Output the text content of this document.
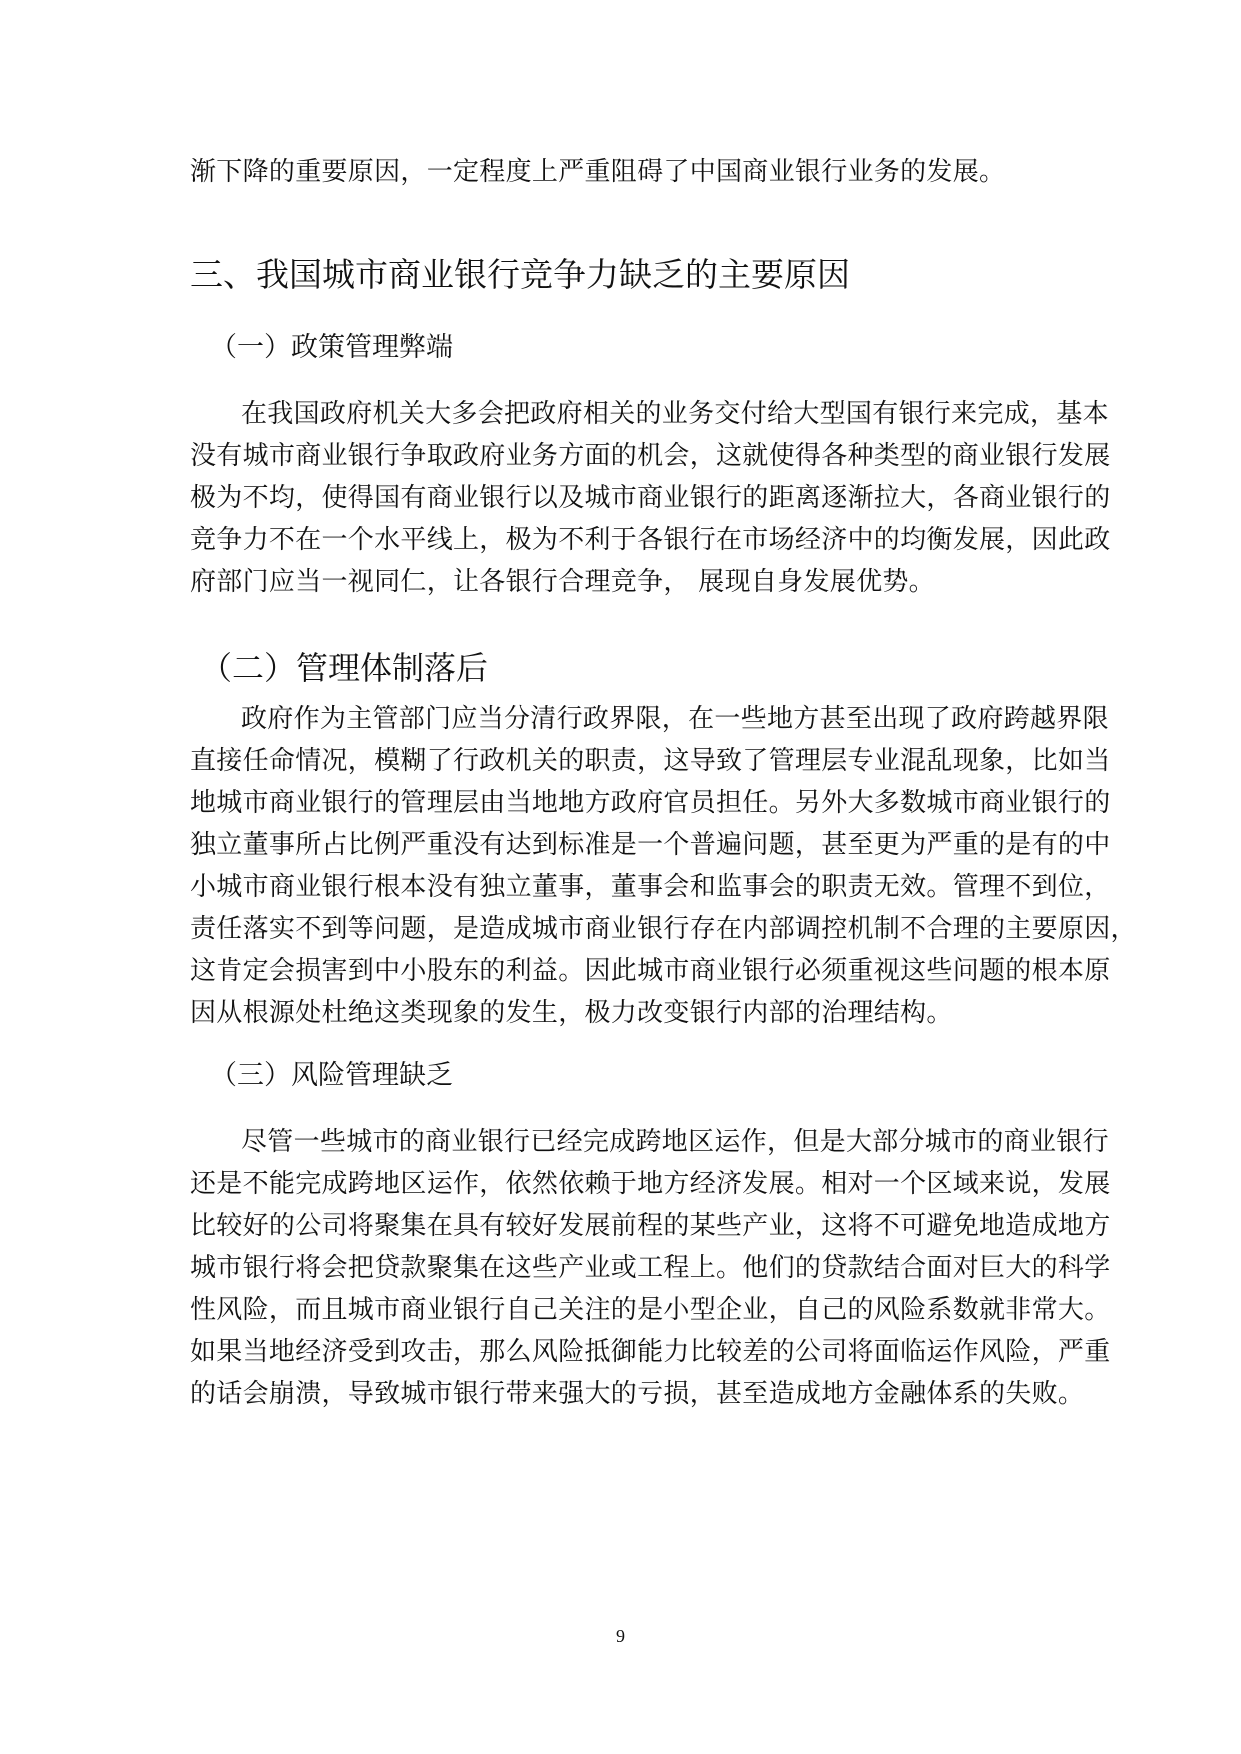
渐下降的重要原因，一定程度上严重阻碍了中国商业银行业务的发展。

三、我国城市商业银行竞争力缺乏的主要原因
（一）政策管理弊端

在我国政府机关大多会把政府相关的业务交付给大型国有银行来完成，基本

没有城市商业银行争取政府业务方面的机会，这就使得各种类型的商业银行发展

极为不均，使得国有商业银行以及城市商业银行的距离逐渐拉大，各商业银行的

竞争力不在一个水平线上，极为不利于各银行在市场经济中的均衡发展，因此政

府部门应当一视同仁，让各银行合理竞争， 展现自身发展优势。

（二）管理体制落后

政府作为主管部门应当分清行政界限，在一些地方甚至出现了政府跨越界限

直接任命情况，模糊了行政机关的职责，这导致了管理层专业混乱现象，比如当

地城市商业银行的管理层由当地地方政府官员担任。另外大多数城市商业银行的

独立董事所占比例严重没有达到标准是一个普遍问题，甚至更为严重的是有的中

小城市商业银行根本没有独立董事，董事会和监事会的职责无效。管理不到位，

责任落实不到等问题，是造成城市商业银行存在内部调控机制不合理的主要原因，

这肯定会损害到中小股东的利益。因此城市商业银行必须重视这些问题的根本原

因从根源处杜绝这类现象的发生，极力改变银行内部的治理结构。

（三）风险管理缺乏

尽管一些城市的商业银行已经完成跨地区运作，但是大部分城市的商业银行

还是不能完成跨地区运作，依然依赖于地方经济发展。相对一个区域来说，发展

比较好的公司将聚集在具有较好发展前程的某些产业，这将不可避免地造成地方

城市银行将会把贷款聚集在这些产业或工程上。他们的贷款结合面对巨大的科学

性风险，而且城市商业银行自己关注的是小型企业，自己的风险系数就非常大。

如果当地经济受到攻击，那么风险抵御能力比较差的公司将面临运作风险，严重

的话会崩溃，导致城市银行带来强大的亏损，甚至造成地方金融体系的失败。

9
